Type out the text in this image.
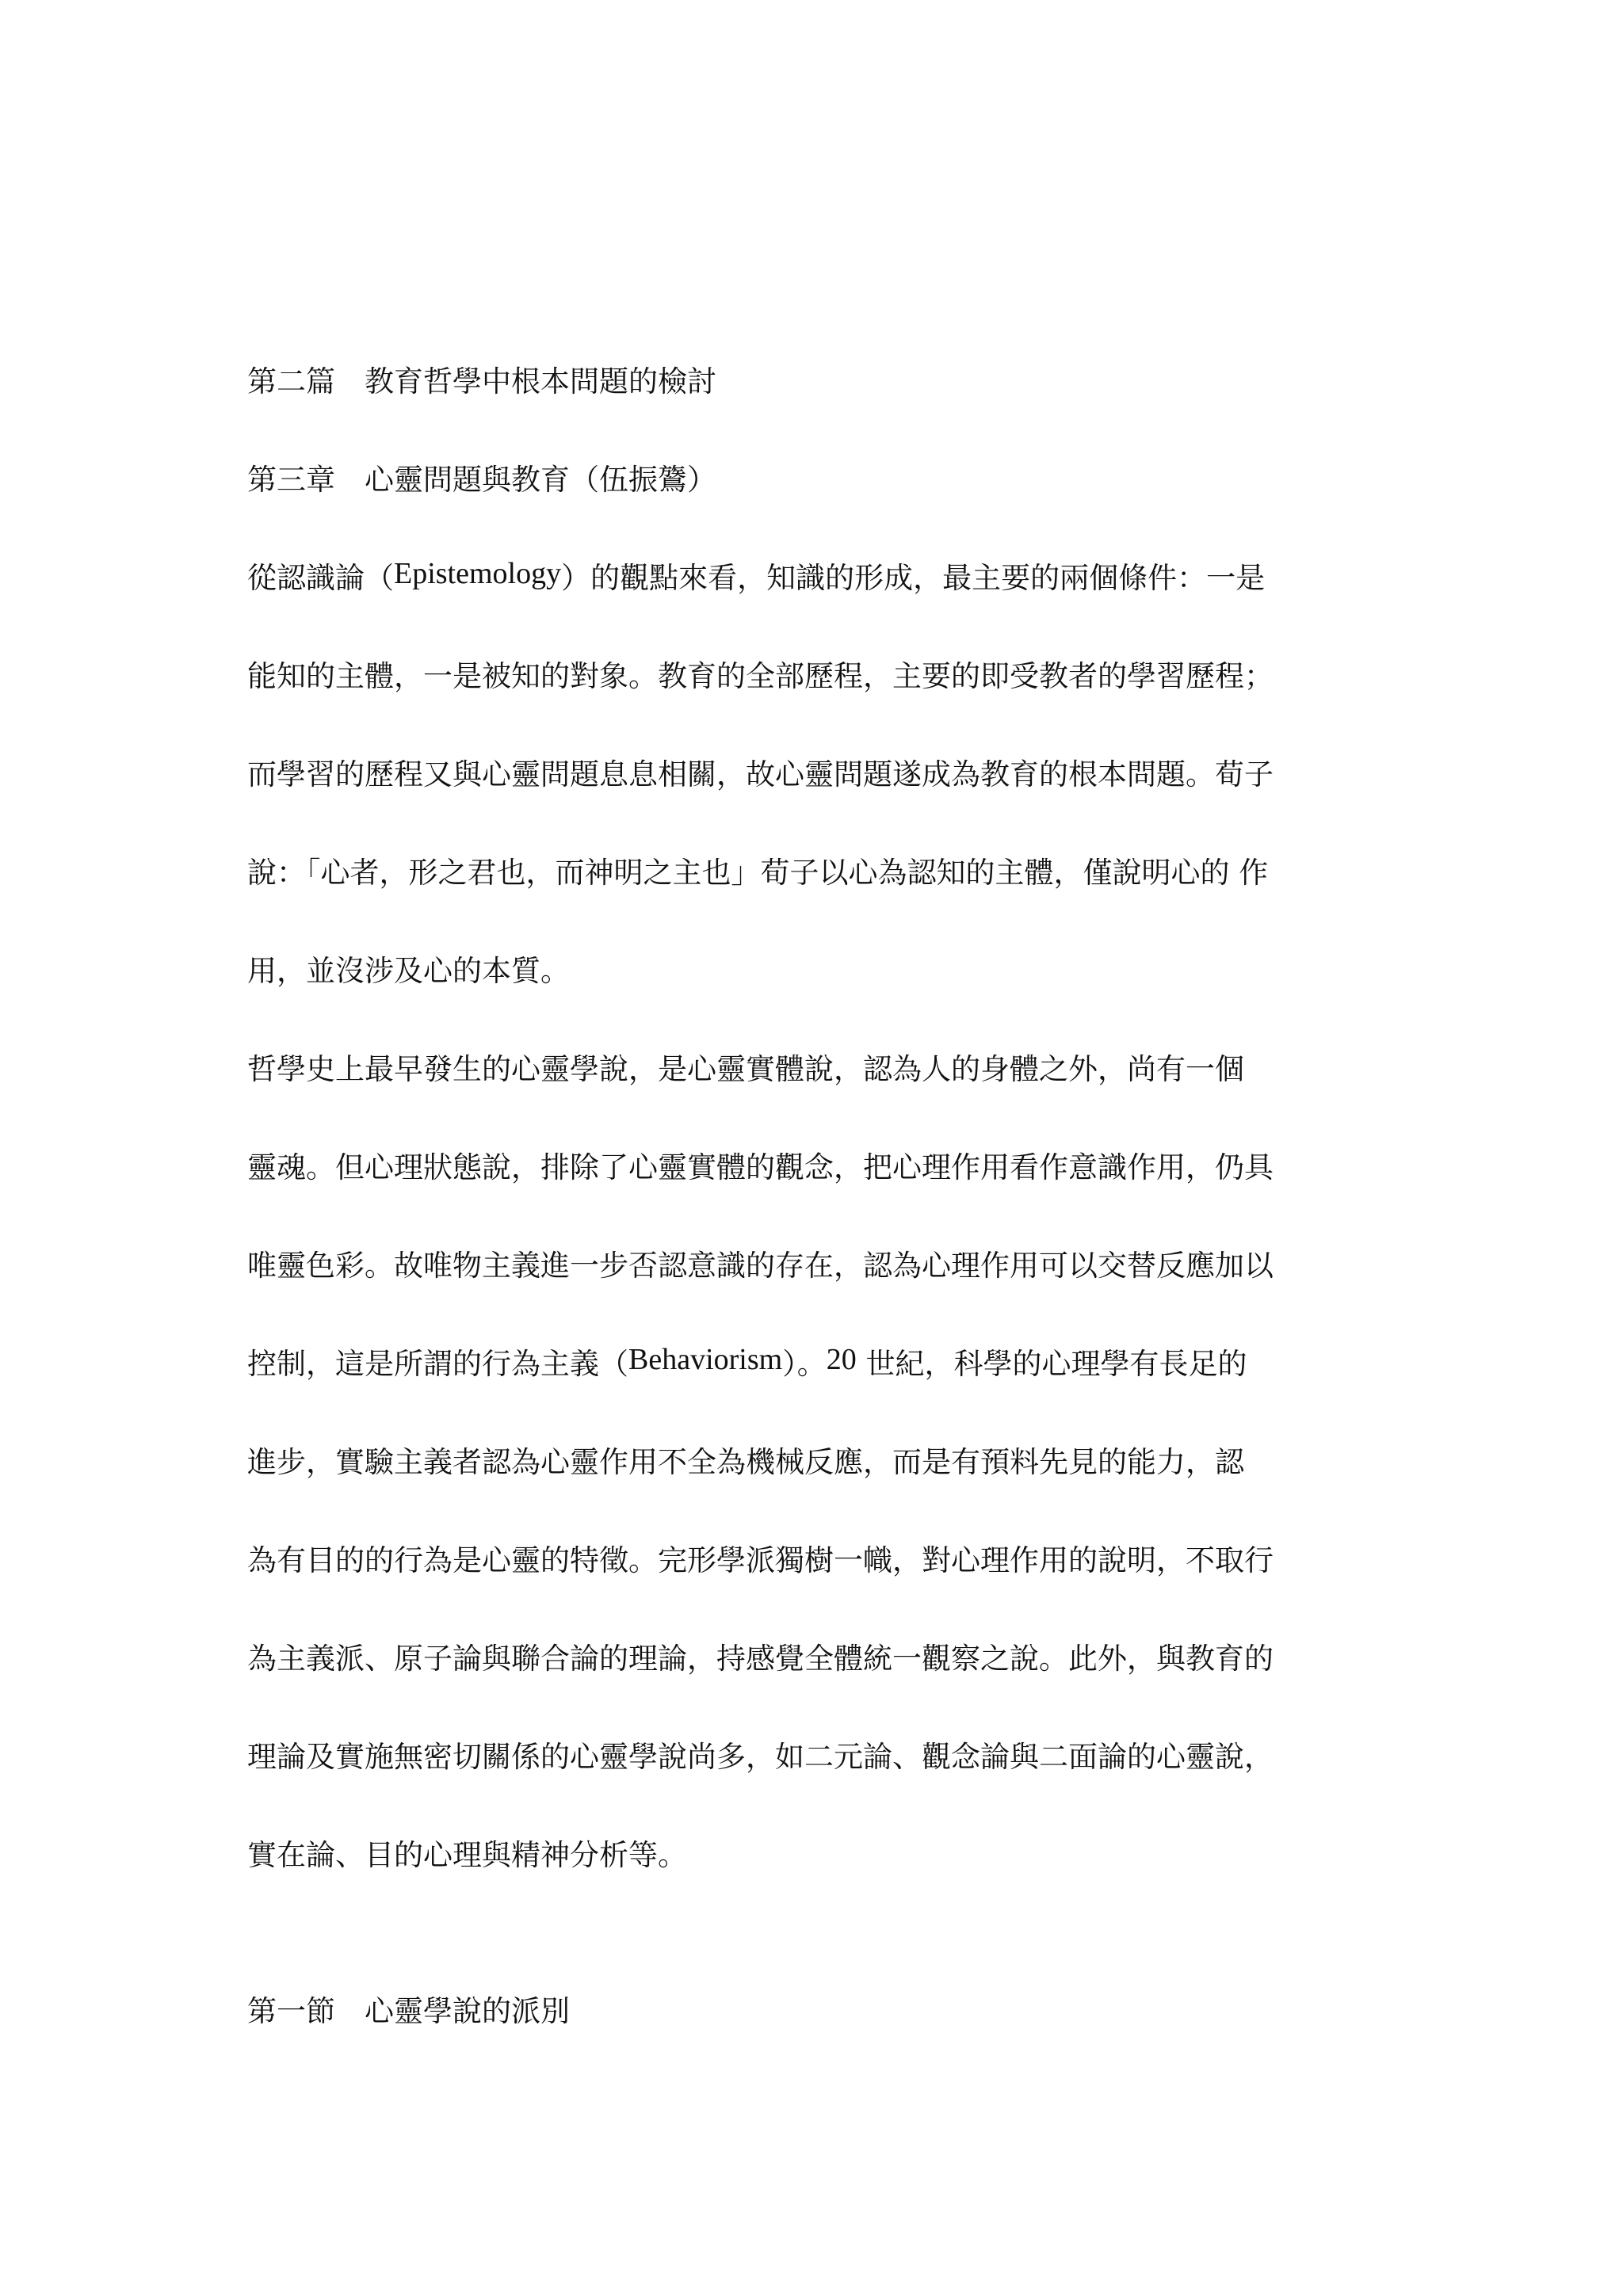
第二篇　教育哲學中根本問題的檢討
第三章　心靈問題與教育（伍振鷟）
從認識論（Epistemology）的觀點來看，知識的形成，最主要的兩個條件：一是
能知的主體，一是被知的對象。教育的全部歷程，主要的即受教者的學習歷程；
而學習的歷程又與心靈問題息息相關，故心靈問題遂成為教育的根本問題。荀子
說：「心者，形之君也，而神明之主也」荀子以心為認知的主體，僅說明心的 作
用，並沒涉及心的本質。
哲學史上最早發生的心靈學說，是心靈實體說，認為人的身體之外，尚有一個
靈魂。但心理狀態說，排除了心靈實體的觀念，把心理作用看作意識作用，仍具
唯靈色彩。故唯物主義進一步否認意識的存在，認為心理作用可以交替反應加以
控制，這是所謂的行為主義（Behaviorism）。20 世紀，科學的心理學有長足的
進步，實驗主義者認為心靈作用不全為機械反應，而是有預料先見的能力，認
為有目的的行為是心靈的特徵。完形學派獨樹一幟，對心理作用的說明，不取行
為主義派、原子論與聯合論的理論，持感覺全體統一觀察之說。此外，與教育的
理論及實施無密切關係的心靈學說尚多，如二元論、觀念論與二面論的心靈說，
實在論、目的心理與精神分析等。
第一節　心靈學說的派別
